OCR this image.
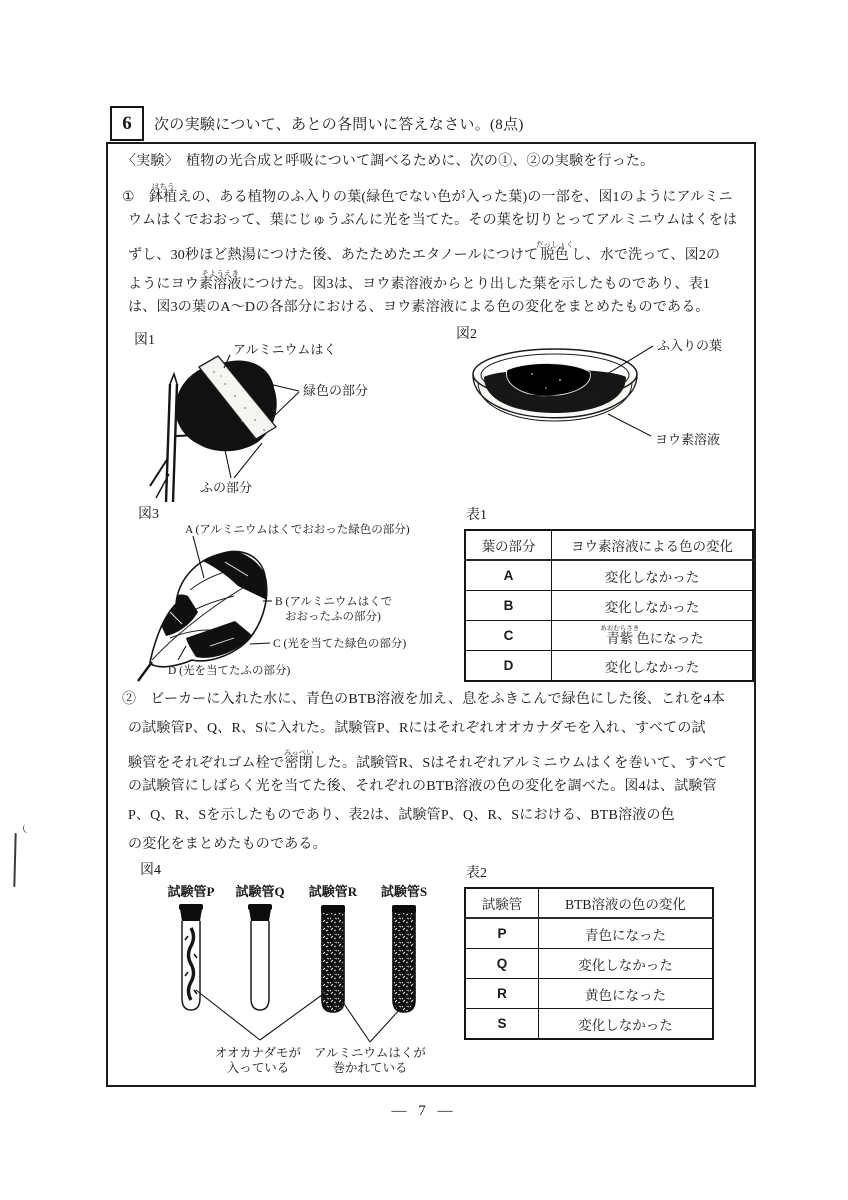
6	次の実験について、あとの各問いに答えなさい。(8点)
〈実験〉　植物の光合成と呼吸について調べるために、次の①、②の実験を行った。
①　鉢植はちうえの、ある植物のふ入りの葉(緑色でない色が入った葉)の一部を、図1のようにアルミニ
ウムはくでおおって、葉にじゅうぶんに光を当てた。その葉を切りとってアルミニウムはくをは
ずし、30秒ほど熱湯につけた後、あたためたエタノールにつけて脱色だっしょくし、水で洗って、図2の
ようにヨウ素溶液そようえきにつけた。図3は、ヨウ素溶液からとり出した葉を示したものであり、表1
は、図3の葉のA〜Dの各部分における、ヨウ素溶液による色の変化をまとめたものである。
図1
アルミニウムはく
緑色の部分
ふの部分
図2
ふ入りの葉
ヨウ素溶液
図3
A (アルミニウムはくでおおった緑色の部分)
B (アルミニウムはくで
おおったふの部分)
C (光を当てた緑色の部分)
D (光を当てたふの部分)
表1
葉の部分	ヨウ素溶液による色の変化
A	変化しなかった
B	変化しなかった
C	青紫あおむらさき色になった
D	変化しなかった
②　ビーカーに入れた水に、青色のBTB溶液を加え、息をふきこんで緑色にした後、これを4本
の試験管P、Q、R、Sに入れた。試験管P、Rにはそれぞれオオカナダモを入れ、すべての試
験管をそれぞれゴム栓で密閉みっぺいした。試験管R、Sはそれぞれアルミニウムはくを巻いて、すべて
の試験管にしばらく光を当てた後、それぞれのBTB溶液の色の変化を調べた。図4は、試験管
P、Q、R、Sを示したものであり、表2は、試験管P、Q、R、Sにおける、BTB溶液の色
の変化をまとめたものである。
図4
試験管P 試験管Q 試験管R 試験管S
オオカナダモが
入っている
アルミニウムはくが
巻かれている
表2
試験管	BTB溶液の色の変化
P	青色になった
Q	変化しなかった
R	黄色になった
S	変化しなかった
— 7 —
